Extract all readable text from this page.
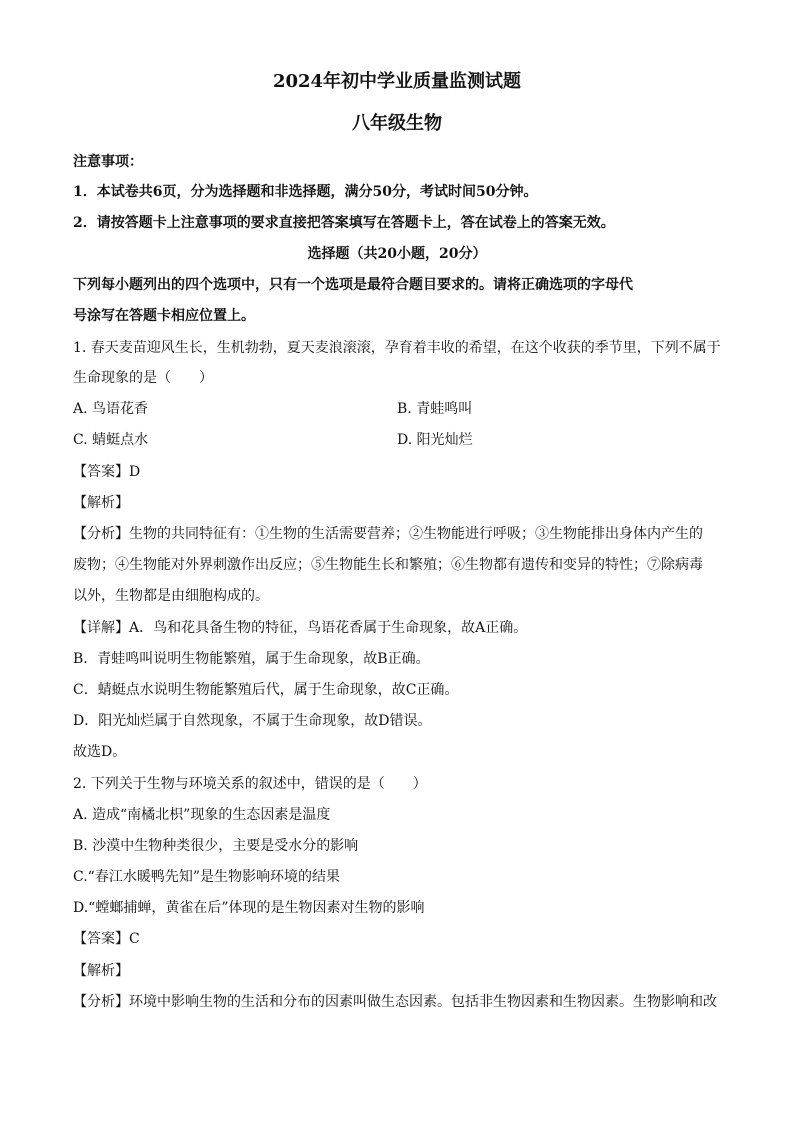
2024年初中学业质量监测试题
八年级生物
注意事项：
1．本试卷共6页，分为选择题和非选择题，满分50分，考试时间50分钟。
2．请按答题卡上注意事项的要求直接把答案填写在答题卡上，答在试卷上的答案无效。
选择题（共20小题，20分）
下列每小题列出的四个选项中，只有一个选项是最符合题目要求的。请将正确选项的字母代
号涂写在答题卡相应位置上。
1. 春天麦苗迎风生长，生机勃勃，夏天麦浪滚滚，孕育着丰收的希望，在这个收获的季节里，下列不属于
生命现象的是（　　）
A. 鸟语花香	B. 青蛙鸣叫
C. 蜻蜓点水	D. 阳光灿烂
【答案】D
【解析】
【分析】生物的共同特征有：①生物的生活需要营养；②生物能进行呼吸；③生物能排出身体内产生的
废物；④生物能对外界刺激作出反应；⑤生物能生长和繁殖；⑥生物都有遗传和变异的特性；⑦除病毒
以外，生物都是由细胞构成的。
【详解】A．鸟和花具备生物的特征，鸟语花香属于生命现象，故A正确。
B．青蛙鸣叫说明生物能繁殖，属于生命现象，故B正确。
C．蜻蜓点水说明生物能繁殖后代，属于生命现象，故C正确。
D．阳光灿烂属于自然现象，不属于生命现象，故D错误。
故选D。
2. 下列关于生物与环境关系的叙述中，错误的是（　　）
A. 造成“南橘北枳”现象的生态因素是温度
B. 沙漠中生物种类很少，主要是受水分的影响
C.“春江水暖鸭先知”是生物影响环境的结果
D.“螳螂捕蝉，黄雀在后”体现的是生物因素对生物的影响
【答案】C
【解析】
【分析】环境中影响生物的生活和分布的因素叫做生态因素。包括非生物因素和生物因素。生物影响和改
